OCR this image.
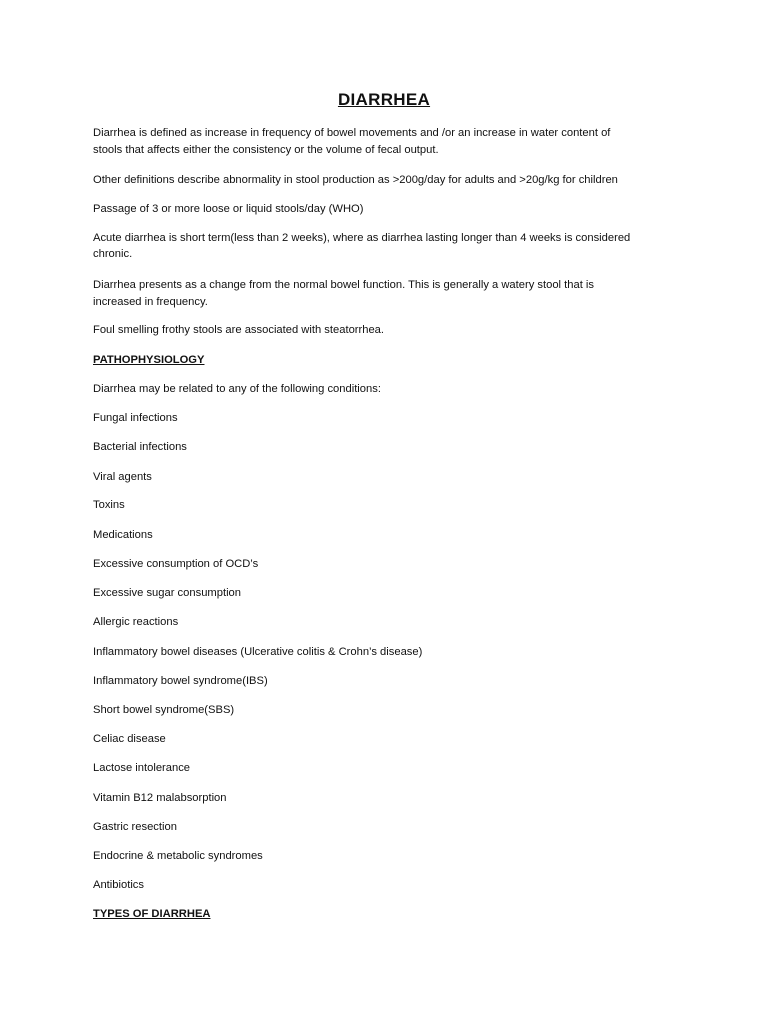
DIARRHEA
Diarrhea is defined as increase in frequency of bowel movements and /or an increase in water content of
stools that affects either the consistency or the volume of fecal output.
Other definitions describe abnormality in stool production as >200g/day for adults and >20g/kg for children
Passage of 3 or more loose or liquid stools/day (WHO)
Acute diarrhea is short term(less than 2 weeks), where as diarrhea lasting longer than 4 weeks is considered
chronic.
Diarrhea presents as a change from the normal bowel function. This is generally a watery stool that is
increased in frequency.
Foul smelling frothy stools are associated with steatorrhea.
PATHOPHYSIOLOGY
Diarrhea may be related to any of the following conditions:
Fungal infections
Bacterial infections
Viral agents
Toxins
Medications
Excessive consumption of OCD’s
Excessive sugar consumption
Allergic reactions
Inflammatory bowel diseases (Ulcerative colitis & Crohn’s disease)
Inflammatory bowel syndrome(IBS)
Short bowel syndrome(SBS)
Celiac disease
Lactose intolerance
Vitamin B12 malabsorption
Gastric resection
Endocrine & metabolic syndromes
Antibiotics
TYPES OF DIARRHEA
